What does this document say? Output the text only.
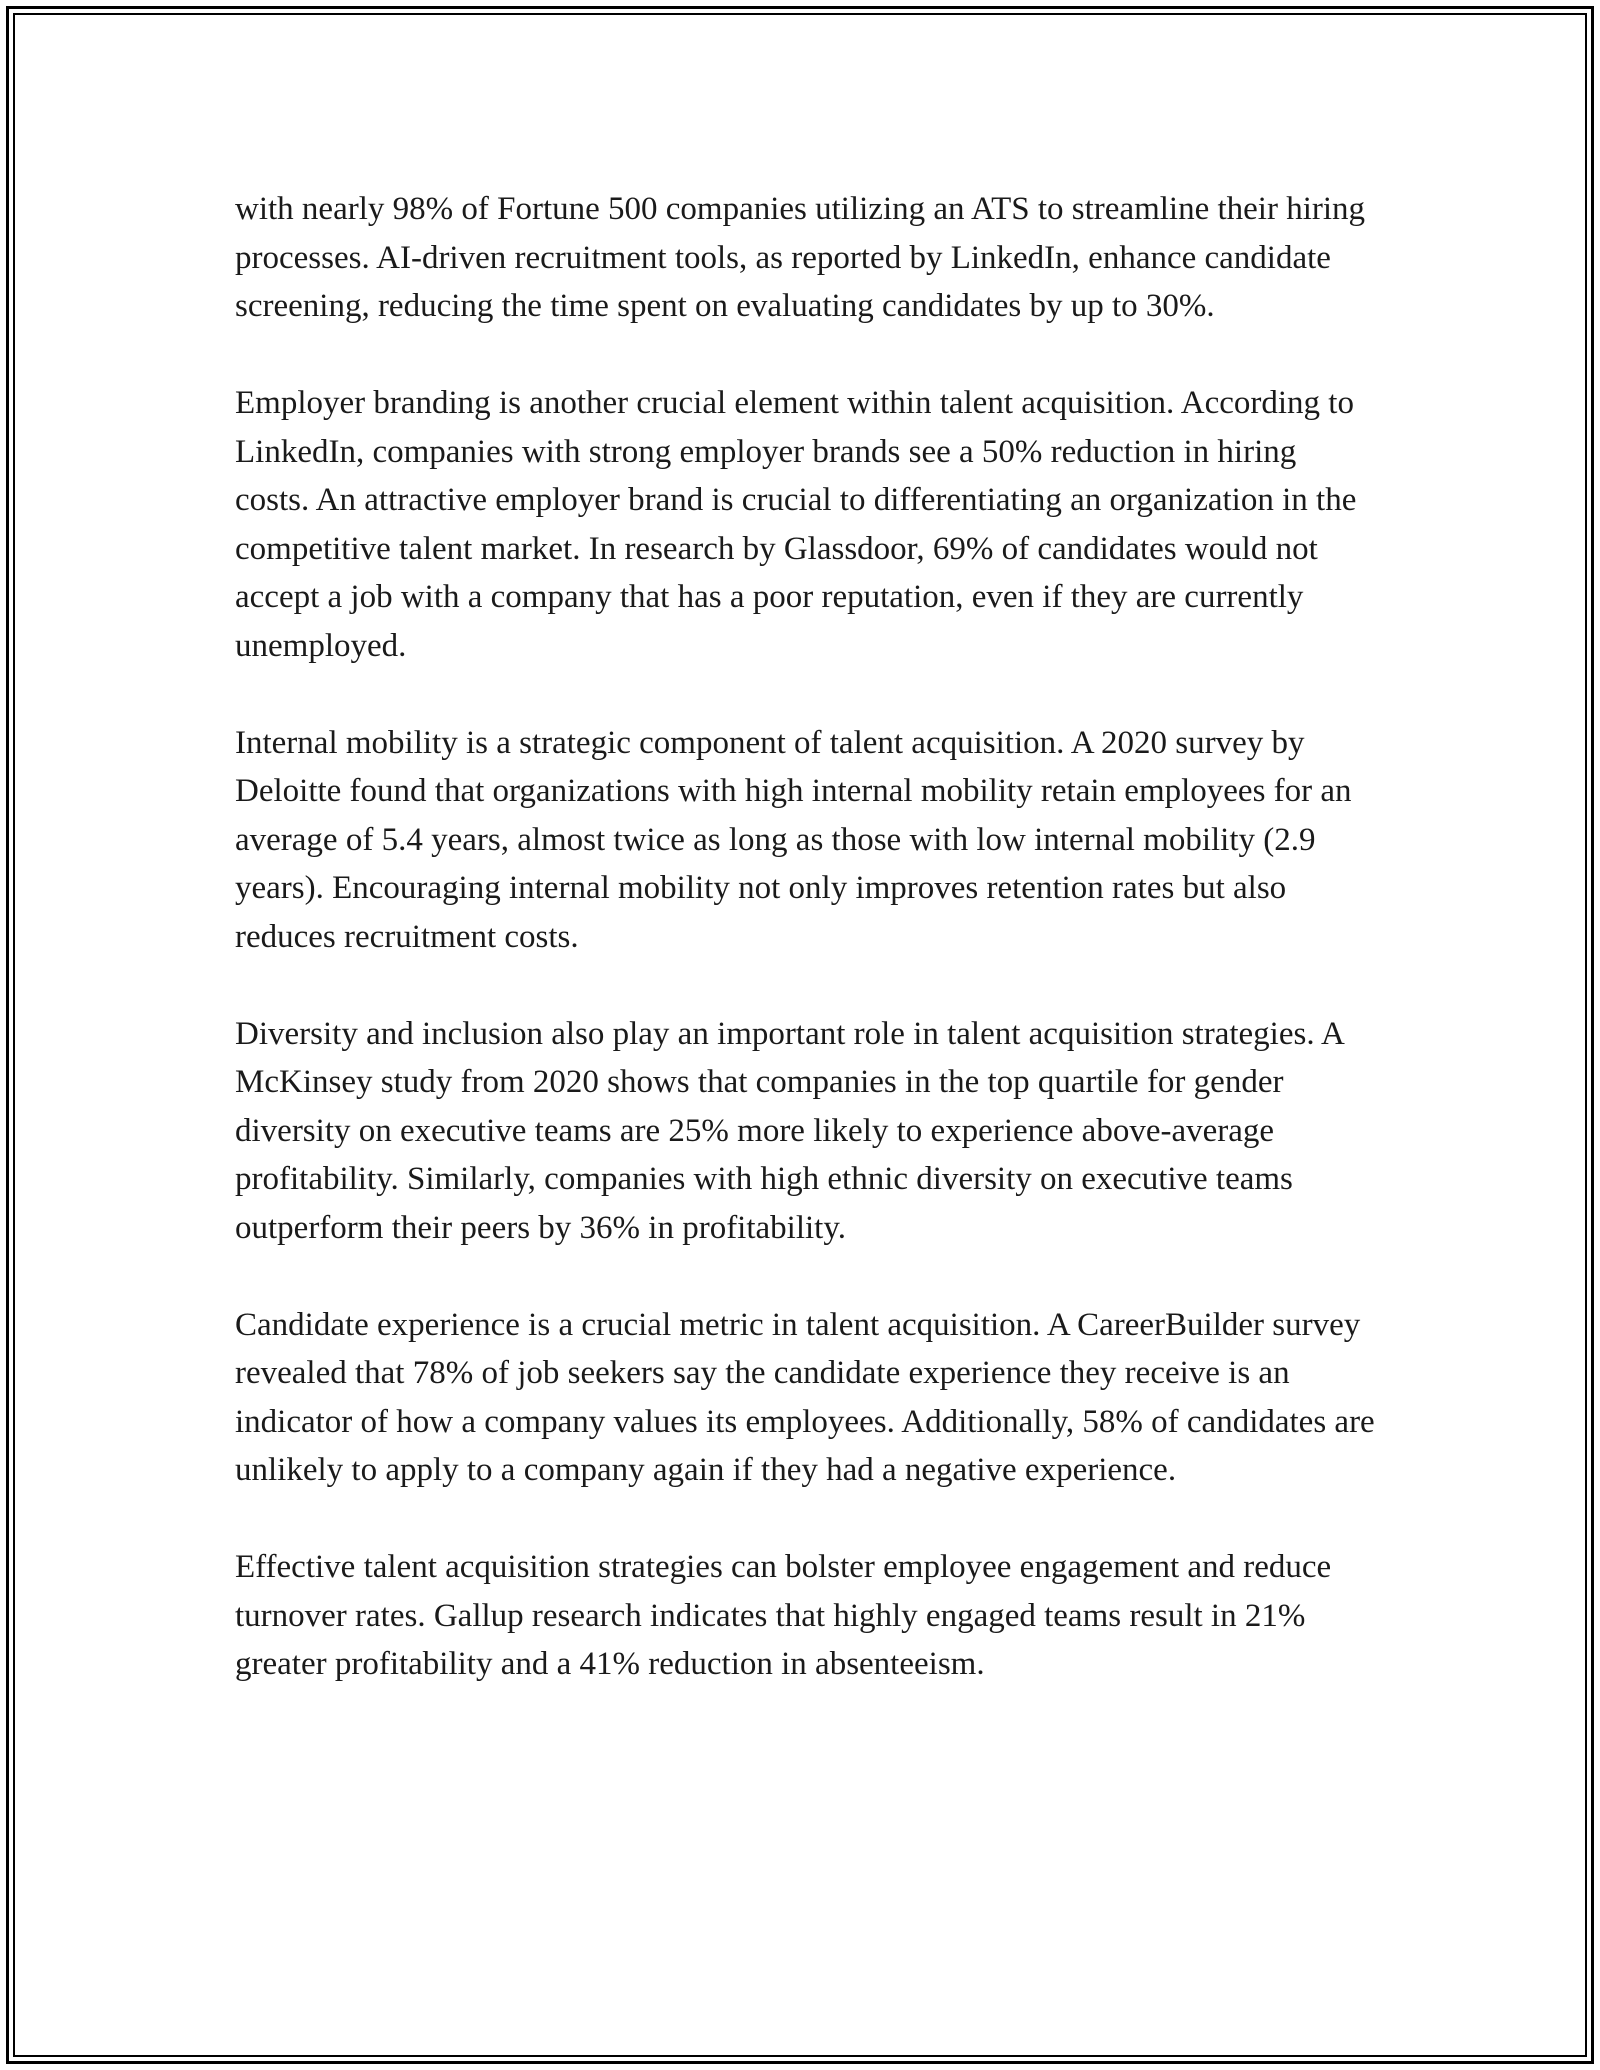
with nearly 98% of Fortune 500 companies utilizing an ATS to streamline their hiring processes. AI-driven recruitment tools, as reported by LinkedIn, enhance candidate screening, reducing the time spent on evaluating candidates by up to 30%.

Employer branding is another crucial element within talent acquisition. According to LinkedIn, companies with strong employer brands see a 50% reduction in hiring costs. An attractive employer brand is crucial to differentiating an organization in the competitive talent market. In research by Glassdoor, 69% of candidates would not accept a job with a company that has a poor reputation, even if they are currently unemployed.

Internal mobility is a strategic component of talent acquisition. A 2020 survey by Deloitte found that organizations with high internal mobility retain employees for an average of 5.4 years, almost twice as long as those with low internal mobility (2.9 years). Encouraging internal mobility not only improves retention rates but also reduces recruitment costs.

Diversity and inclusion also play an important role in talent acquisition strategies. A McKinsey study from 2020 shows that companies in the top quartile for gender diversity on executive teams are 25% more likely to experience above-average profitability. Similarly, companies with high ethnic diversity on executive teams outperform their peers by 36% in profitability.

Candidate experience is a crucial metric in talent acquisition. A CareerBuilder survey revealed that 78% of job seekers say the candidate experience they receive is an indicator of how a company values its employees. Additionally, 58% of candidates are unlikely to apply to a company again if they had a negative experience.

Effective talent acquisition strategies can bolster employee engagement and reduce turnover rates. Gallup research indicates that highly engaged teams result in 21% greater profitability and a 41% reduction in absenteeism.
